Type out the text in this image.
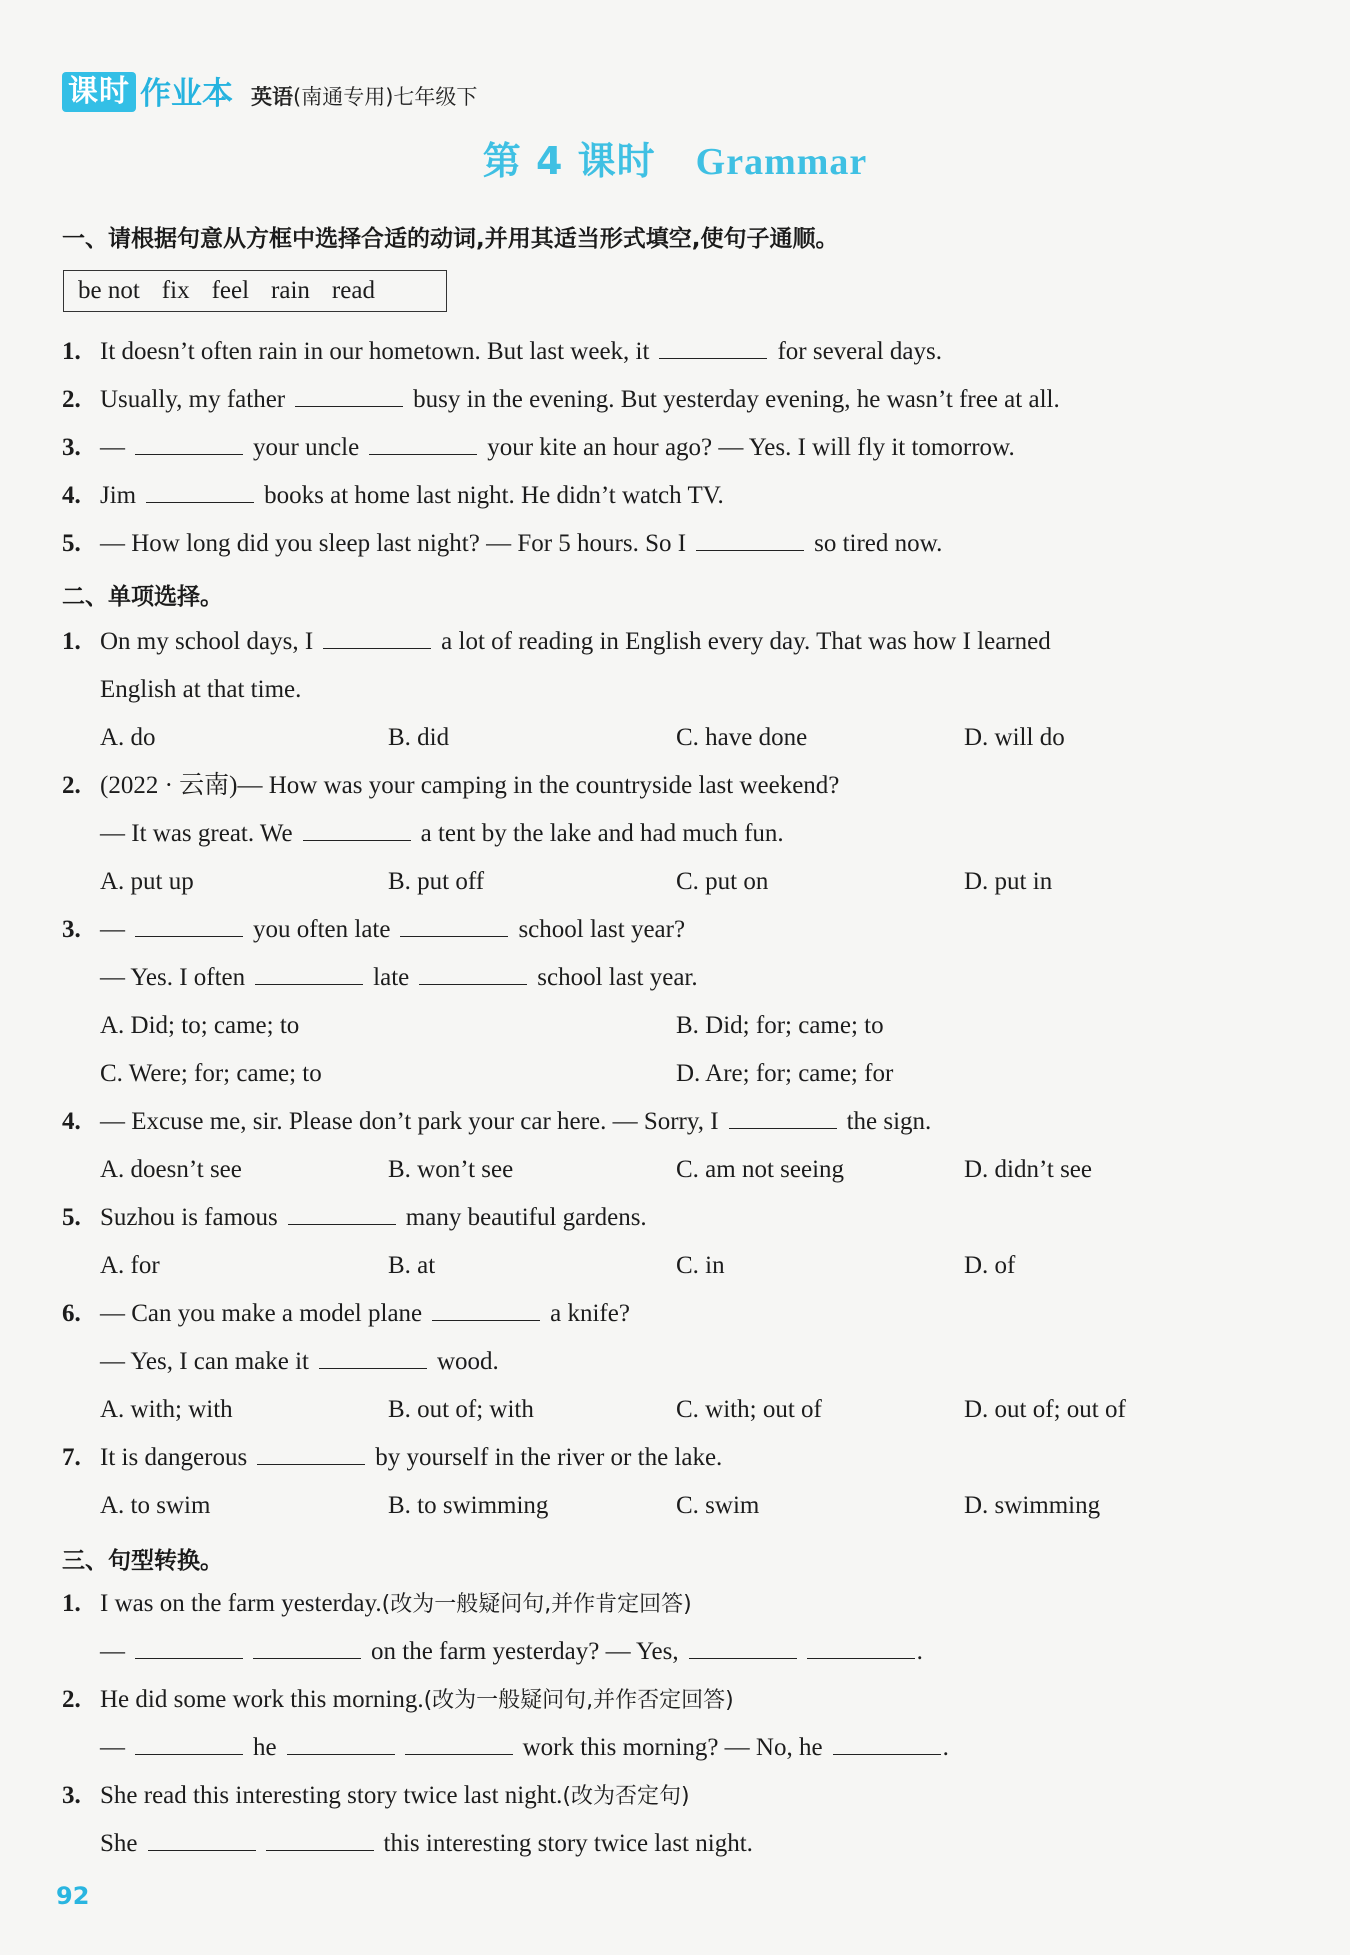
课时 作业本 英语(南通专用)七年级下
第 4 课时 Grammar
一、请根据句意从方框中选择合适的动词,并用其适当形式填空,使句子通顺。
be not fix feel rain read
1. It doesn’t often rain in our hometown. But last week, it	for several days.
2. Usually, my father	busy in the evening. But yesterday evening, he wasn’t free at all.
3. —	your uncle	your kite an hour ago? — Yes. I will fly it tomorrow.
4. Jim	books at home last night. He didn’t watch TV.
5. — How long did you sleep last night? — For 5 hours. So I	so tired now.
二、单项选择。
1. On my school days, I	a lot of reading in English every day. That was how I learned
English at that time.
A. do	B. did	C. have done	D. will do
2. (2022 · 云南)— How was your camping in the countryside last weekend?
— It was great. We	a tent by the lake and had much fun.
A. put up	B. put off	C. put on	D. put in
3. —	you often late	school last year?
— Yes. I often	late	school last year.
A. Did; to; came; to	B. Did; for; came; to
C. Were; for; came; to	D. Are; for; came; for
4. — Excuse me, sir. Please don’t park your car here. — Sorry, I	the sign.
A. doesn’t see	B. won’t see	C. am not seeing	D. didn’t see
5. Suzhou is famous	many beautiful gardens.
A. for	B. at	C. in	D. of
6. — Can you make a model plane	a knife?
— Yes, I can make it	wood.
A. with; with	B. out of; with	C. with; out of	D. out of; out of
7. It is dangerous	by yourself in the river or the lake.
A. to swim	B. to swimming	C. swim	D. swimming
三、句型转换。
1. I was on the farm yesterday.(改为一般疑问句,并作肯定回答)
—	on the farm yesterday? — Yes,	.
2. He did some work this morning.(改为一般疑问句,并作否定回答)
—	he	work this morning? — No, he	.
3. She read this interesting story twice last night.(改为否定句)
She	this interesting story twice last night.
92
